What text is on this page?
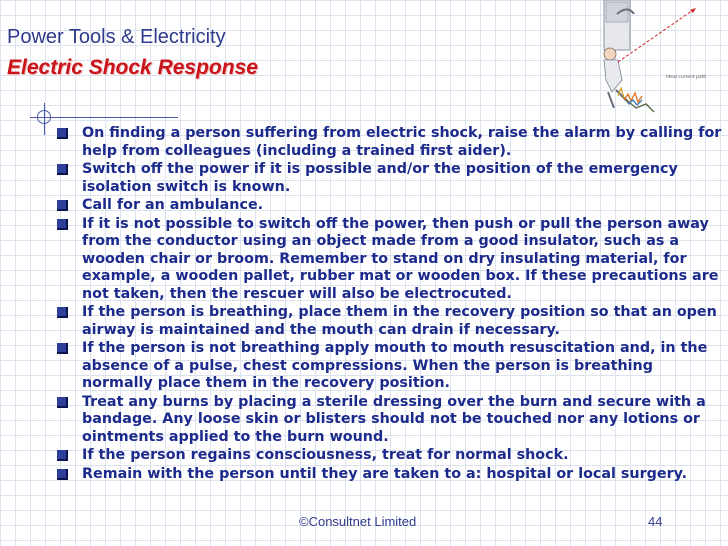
Power Tools & Electricity
Electric Shock Response	Ideal current path
On finding a person suffering from electric shock, raise the alarm by calling for help from colleagues (including a trained first aider).
Switch off the power if it is possible and/or the position of the emergency isolation switch is known.
Call for an ambulance.
If it is not possible to switch off the power, then push or pull the person away from the conductor using an object made from a good insulator, such as a wooden chair or broom. Remember to stand on dry insulating material, for example, a wooden pallet, rubber mat or wooden box. If these precautions are not taken, then the rescuer will also be electrocuted.
If the person is breathing, place them in the recovery position so that an open airway is maintained and the mouth can drain if necessary.
If the person is not breathing apply mouth to mouth resuscitation and, in the absence of a pulse, chest compressions. When the person is breathing normally place them in the recovery position.
Treat any burns by placing a sterile dressing over the burn and secure with a bandage. Any loose skin or blisters should not be touched nor any lotions or ointments applied to the burn wound.
If the person regains consciousness, treat for normal shock.
Remain with the person until they are taken to a: hospital or local surgery.
©Consultnet Limited	44
